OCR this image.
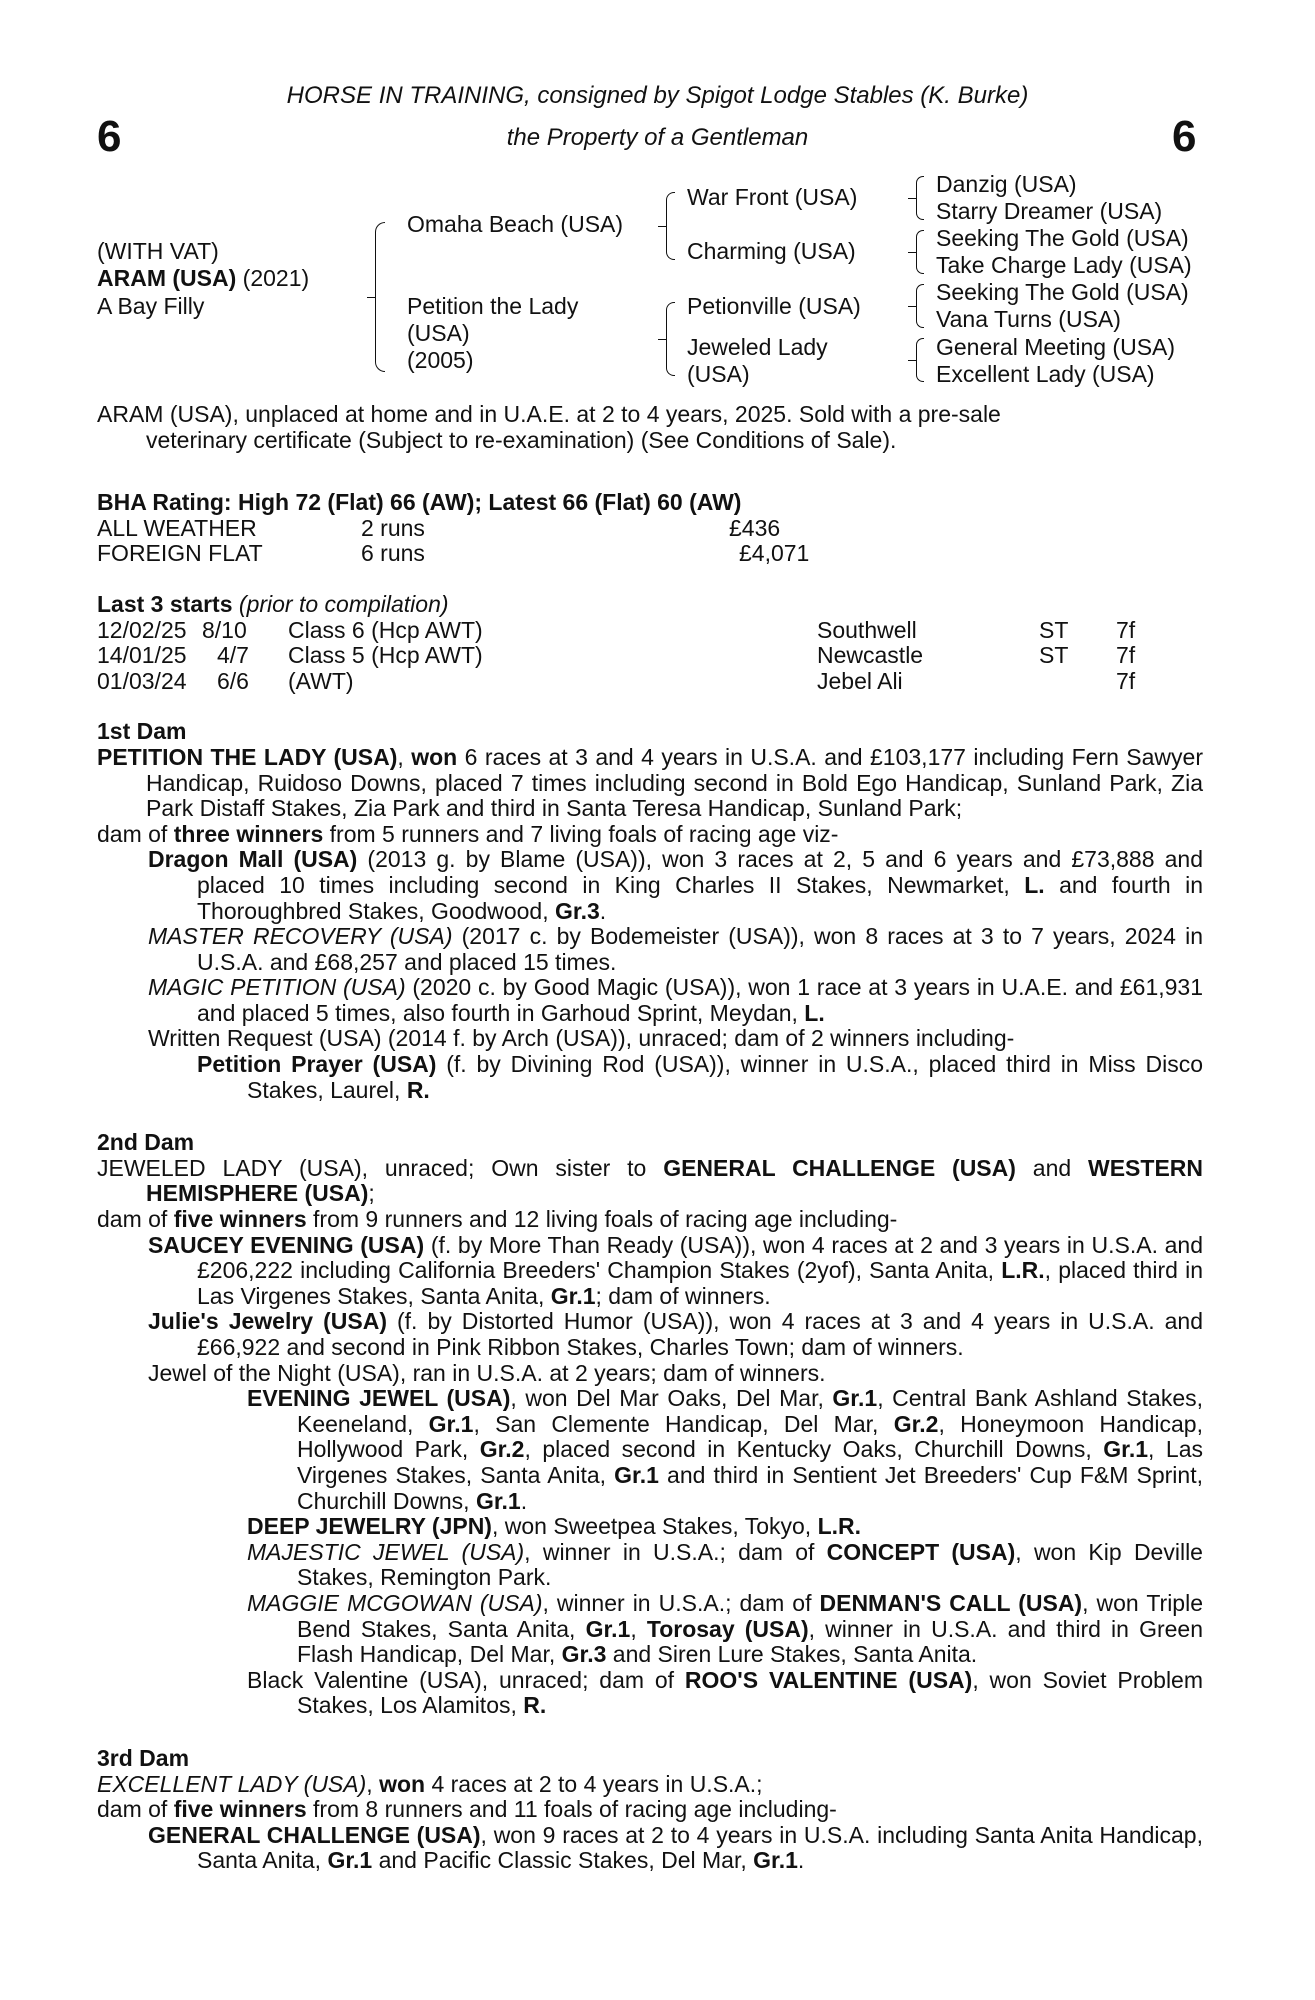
6	6
HORSE IN TRAINING, consigned by Spigot Lodge Stables (K. Burke)
the Property of a Gentleman
(WITH VAT)
ARAM (USA) (2021)
A Bay Filly
Omaha Beach (USA)
Petition the Lady
(USA)
(2005)
War Front (USA)
Charming (USA)
Petionville (USA)
Jeweled Lady
(USA)
Danzig (USA)
Starry Dreamer (USA)
Seeking The Gold (USA)
Take Charge Lady (USA)
Seeking The Gold (USA)
Vana Turns (USA)
General Meeting (USA)
Excellent Lady (USA)

ARAM (USA), unplaced at home and in U.A.E. at 2 to 4 years, 2025. Sold with a pre-sale

veterinary certificate (Subject to re-examination) (See Conditions of Sale).

BHA Rating: High 72 (Flat) 66 (AW); Latest 66 (Flat) 60 (AW)

ALL WEATHER	2 runs	£436
FOREIGN FLAT	6 runs	£4,071

Last 3 starts (prior to compilation)

12/02/25 8/10 Class 6 (Hcp AWT)	Southwell	ST 7f
14/01/25 4/7 Class 5 (Hcp AWT)	Newcastle	ST 7f
01/03/24 6/6 (AWT)	Jebel Ali	7f

1st Dam

PETITION THE LADY (USA), won 6 races at 3 and 4 years in U.S.A. and £103,177 including Fern Sawyer Handicap, Ruidoso Downs, placed 7 times including second in Bold Ego Handicap, Sunland Park, Zia Park Distaff Stakes, Zia Park and third in Santa Teresa Handicap, Sunland Park;

dam of three winners from 5 runners and 7 living foals of racing age viz-

Dragon Mall (USA) (2013 g. by Blame (USA)), won 3 races at 2, 5 and 6 years and £73,888 and placed 10 times including second in King Charles II Stakes, Newmarket, L. and fourth in Thoroughbred Stakes, Goodwood, Gr.3.

MASTER RECOVERY (USA) (2017 c. by Bodemeister (USA)), won 8 races at 3 to 7 years, 2024 in U.S.A. and £68,257 and placed 15 times.

MAGIC PETITION (USA) (2020 c. by Good Magic (USA)), won 1 race at 3 years in U.A.E. and £61,931 and placed 5 times, also fourth in Garhoud Sprint, Meydan, L.

Written Request (USA) (2014 f. by Arch (USA)), unraced; dam of 2 winners including-

Petition Prayer (USA) (f. by Divining Rod (USA)), winner in U.S.A., placed third in Miss Disco Stakes, Laurel, R.

2nd Dam

JEWELED LADY (USA), unraced; Own sister to GENERAL CHALLENGE (USA) and WESTERN HEMISPHERE (USA);

dam of five winners from 9 runners and 12 living foals of racing age including-

SAUCEY EVENING (USA) (f. by More Than Ready (USA)), won 4 races at 2 and 3 years in U.S.A. and £206,222 including California Breeders' Champion Stakes (2yof), Santa Anita, L.R., placed third in Las Virgenes Stakes, Santa Anita, Gr.1; dam of winners.

Julie's Jewelry (USA) (f. by Distorted Humor (USA)), won 4 races at 3 and 4 years in U.S.A. and £66,922 and second in Pink Ribbon Stakes, Charles Town; dam of winners.

Jewel of the Night (USA), ran in U.S.A. at 2 years; dam of winners.

EVENING JEWEL (USA), won Del Mar Oaks, Del Mar, Gr.1, Central Bank Ashland Stakes, Keeneland, Gr.1, San Clemente Handicap, Del Mar, Gr.2, Honeymoon Handicap, Hollywood Park, Gr.2, placed second in Kentucky Oaks, Churchill Downs, Gr.1, Las Virgenes Stakes, Santa Anita, Gr.1 and third in Sentient Jet Breeders' Cup F&M Sprint, Churchill Downs, Gr.1.

DEEP JEWELRY (JPN), won Sweetpea Stakes, Tokyo, L.R.

MAJESTIC JEWEL (USA), winner in U.S.A.; dam of CONCEPT (USA), won Kip Deville Stakes, Remington Park.

MAGGIE MCGOWAN (USA), winner in U.S.A.; dam of DENMAN'S CALL (USA), won Triple Bend Stakes, Santa Anita, Gr.1, Torosay (USA), winner in U.S.A. and third in Green Flash Handicap, Del Mar, Gr.3 and Siren Lure Stakes, Santa Anita.

Black Valentine (USA), unraced; dam of ROO'S VALENTINE (USA), won Soviet Problem Stakes, Los Alamitos, R.

3rd Dam

EXCELLENT LADY (USA), won 4 races at 2 to 4 years in U.S.A.;

dam of five winners from 8 runners and 11 foals of racing age including-

GENERAL CHALLENGE (USA), won 9 races at 2 to 4 years in U.S.A. including Santa Anita Handicap, Santa Anita, Gr.1 and Pacific Classic Stakes, Del Mar, Gr.1.
